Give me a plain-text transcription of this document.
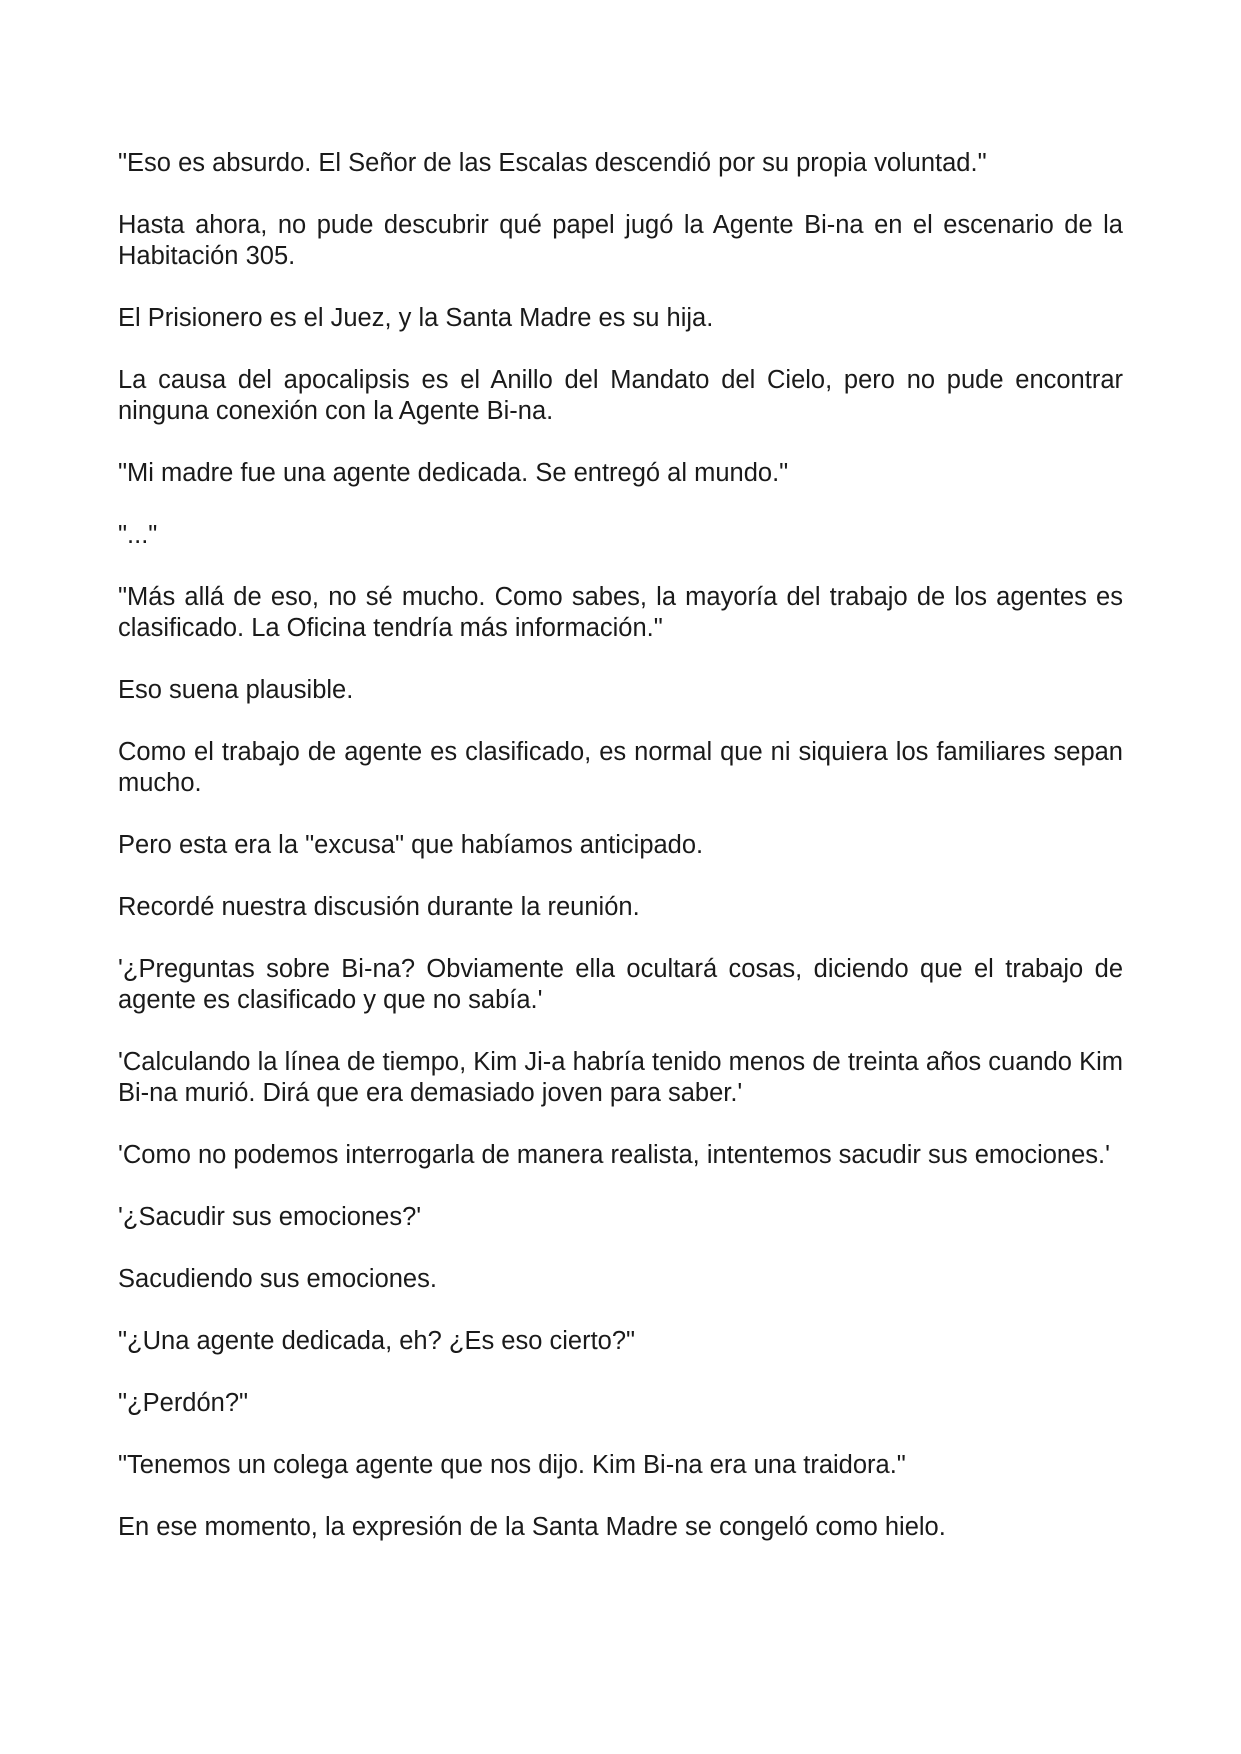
"Eso es absurdo. El Señor de las Escalas descendió por su propia voluntad."

Hasta ahora, no pude descubrir qué papel jugó la Agente Bi-na en el escenario de la Habitación 305.

El Prisionero es el Juez, y la Santa Madre es su hija.

La causa del apocalipsis es el Anillo del Mandato del Cielo, pero no pude encontrar ninguna conexión con la Agente Bi-na.

"Mi madre fue una agente dedicada. Se entregó al mundo."

"..."

"Más allá de eso, no sé mucho. Como sabes, la mayoría del trabajo de los agentes es clasificado. La Oficina tendría más información."

Eso suena plausible.

Como el trabajo de agente es clasificado, es normal que ni siquiera los familiares sepan mucho.

Pero esta era la "excusa" que habíamos anticipado.

Recordé nuestra discusión durante la reunión.

'¿Preguntas sobre Bi-na? Obviamente ella ocultará cosas, diciendo que el trabajo de agente es clasificado y que no sabía.'

'Calculando la línea de tiempo, Kim Ji-a habría tenido menos de treinta años cuando Kim Bi-na murió. Dirá que era demasiado joven para saber.'

'Como no podemos interrogarla de manera realista, intentemos sacudir sus emociones.'

'¿Sacudir sus emociones?'

Sacudiendo sus emociones.

"¿Una agente dedicada, eh? ¿Es eso cierto?"

"¿Perdón?"

"Tenemos un colega agente que nos dijo. Kim Bi-na era una traidora."

En ese momento, la expresión de la Santa Madre se congeló como hielo.
